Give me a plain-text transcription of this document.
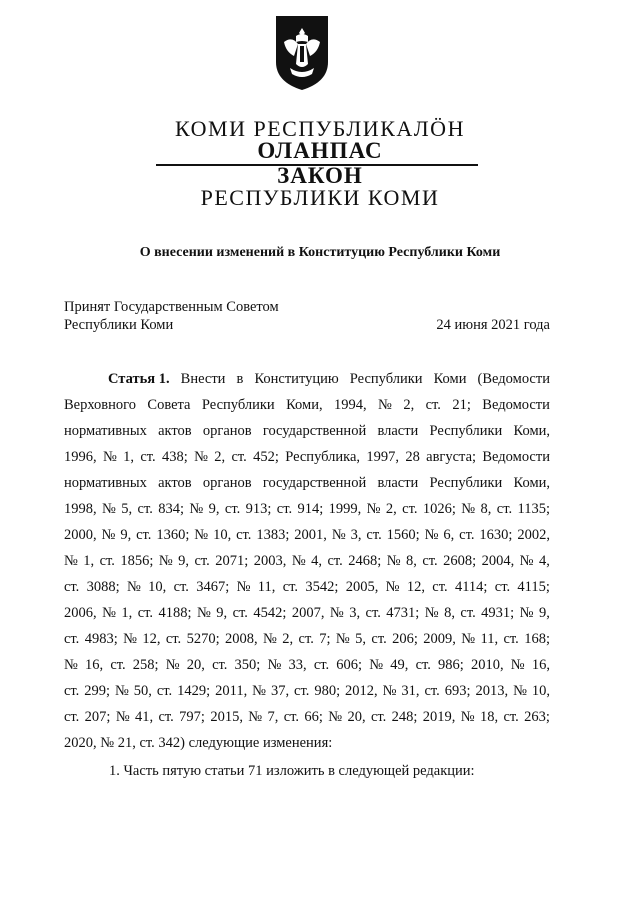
КОМИ РЕСПУБЛИКАЛÖН
ОЛАНПАС
ЗАКОН
РЕСПУБЛИКИ КОМИ
О внесении изменений в Конституцию Республики Коми
Принят Государственным Советом
Республики Коми	24 июня 2021 года
Статья 1. Внести в Конституцию Республики Коми (Ведомости
Верховного Совета Республики Коми, 1994, № 2, ст. 21; Ведомости
нормативных актов органов государственной власти Республики Коми,
1996, № 1, ст. 438; № 2, ст. 452; Республика, 1997, 28 августа; Ведомости
нормативных актов органов государственной власти Республики Коми,
1998, № 5, ст. 834; № 9, ст. 913; ст. 914; 1999, № 2, ст. 1026; № 8, ст. 1135;
2000, № 9, ст. 1360; № 10, ст. 1383; 2001, № 3, ст. 1560; № 6, ст. 1630; 2002,
№ 1, ст. 1856; № 9, ст. 2071; 2003, № 4, ст. 2468; № 8, ст. 2608; 2004, № 4,
ст. 3088; № 10, ст. 3467; № 11, ст. 3542; 2005, № 12, ст. 4114; ст. 4115;
2006, № 1, ст. 4188; № 9, ст. 4542; 2007, № 3, ст. 4731; № 8, ст. 4931; № 9,
ст. 4983; № 12, ст. 5270; 2008, № 2, ст. 7; № 5, ст. 206; 2009, № 11, ст. 168;
№ 16, ст. 258; № 20, ст. 350; № 33, ст. 606; № 49, ст. 986; 2010, № 16,
ст. 299; № 50, ст. 1429; 2011, № 37, ст. 980; 2012, № 31, ст. 693; 2013, № 10,
ст. 207; № 41, ст. 797; 2015, № 7, ст. 66; № 20, ст. 248; 2019, № 18, ст. 263;
2020, № 21, ст. 342) следующие изменения:
1. Часть пятую статьи 71 изложить в следующей редакции:
